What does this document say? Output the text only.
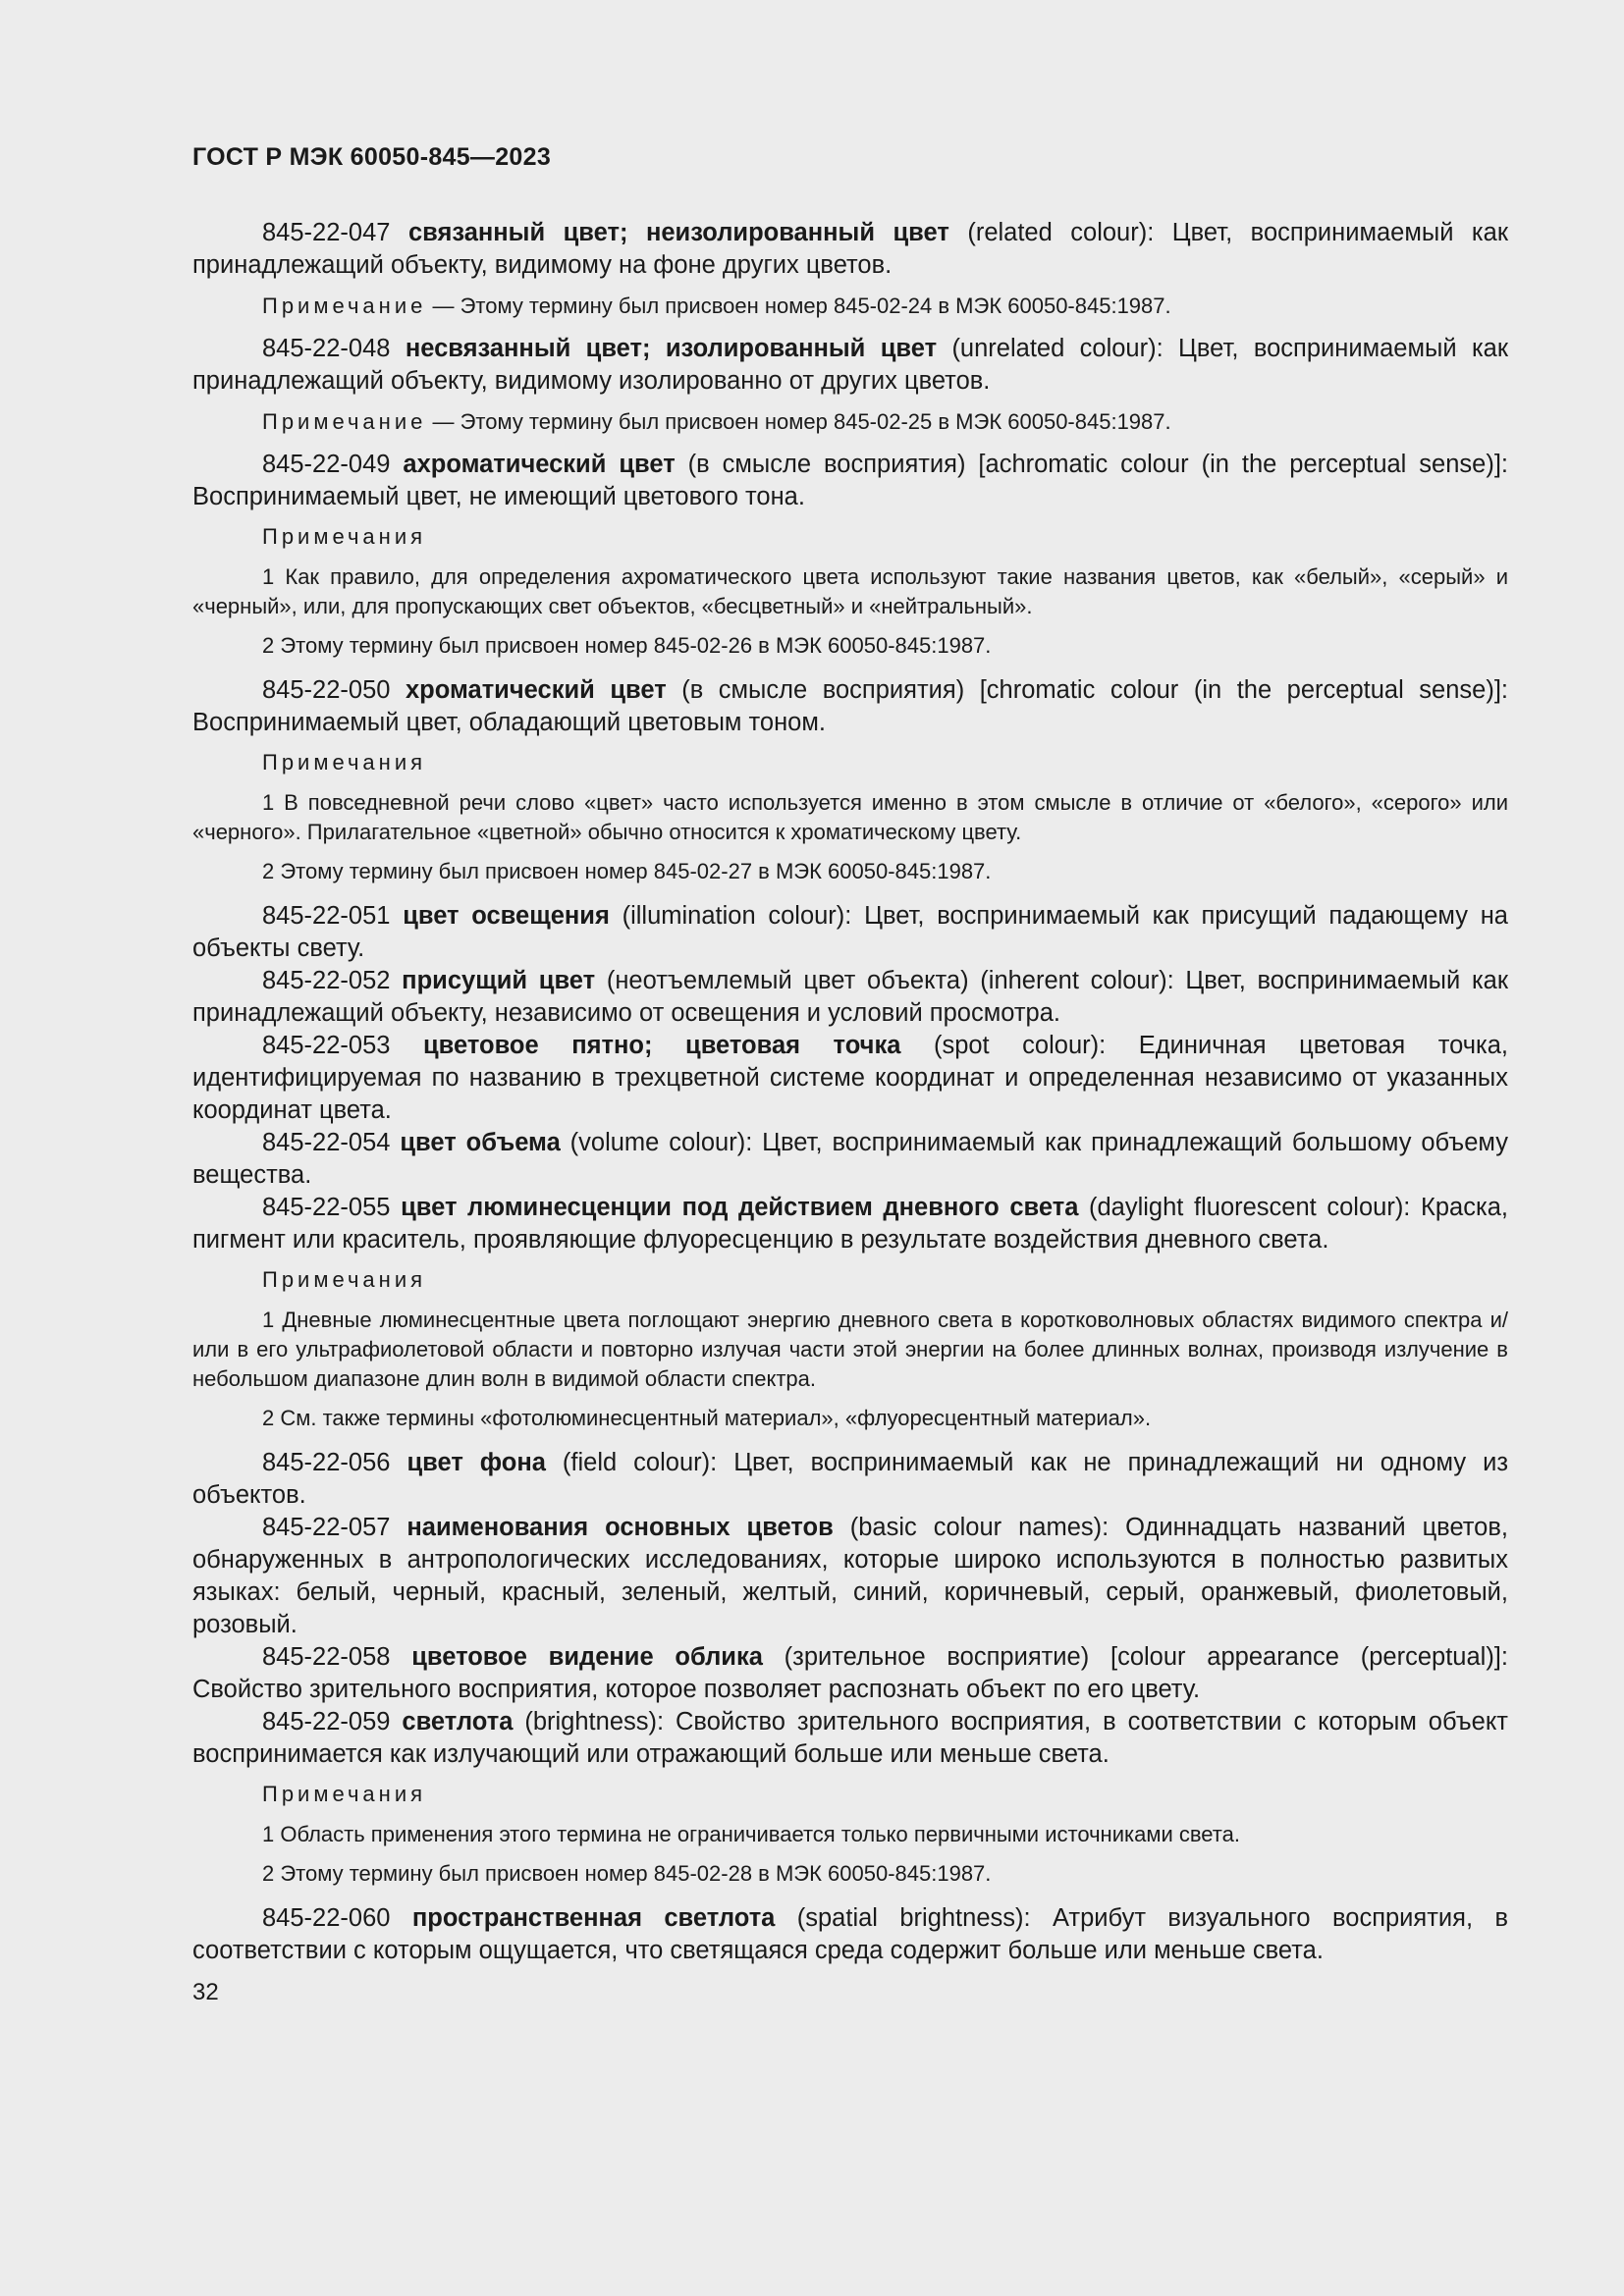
ГОСТ Р МЭК 60050-845—2023

845-22-047 связанный цвет; неизолированный цвет (related colour): Цвет, воспринимаемый как принадлежащий объекту, видимому на фоне других цветов.

Примечание — Этому термину был присвоен номер 845-02-24 в МЭК 60050-845:1987.

845-22-048 несвязанный цвет; изолированный цвет (unrelated colour): Цвет, воспринимаемый как принадлежащий объекту, видимому изолированно от других цветов.

Примечание — Этому термину был присвоен номер 845-02-25 в МЭК 60050-845:1987.

845-22-049 ахроматический цвет (в смысле восприятия) [achromatic colour (in the perceptual sense)]: Воспринимаемый цвет, не имеющий цветового тона.

Примечания

1 Как правило, для определения ахроматического цвета используют такие названия цветов, как «белый», «серый» и «черный», или, для пропускающих свет объектов, «бесцветный» и «нейтральный».

2 Этому термину был присвоен номер 845-02-26 в МЭК 60050-845:1987.

845-22-050 хроматический цвет (в смысле восприятия) [chromatic colour (in the perceptual sense)]: Воспринимаемый цвет, обладающий цветовым тоном.

Примечания

1 В повседневной речи слово «цвет» часто используется именно в этом смысле в отличие от «белого», «серого» или «черного». Прилагательное «цветной» обычно относится к хроматическому цвету.

2 Этому термину был присвоен номер 845-02-27 в МЭК 60050-845:1987.

845-22-051 цвет освещения (illumination colour): Цвет, воспринимаемый как присущий падающему на объекты свету.

845-22-052 присущий цвет (неотъемлемый цвет объекта) (inherent colour): Цвет, воспринимаемый как принадлежащий объекту, независимо от освещения и условий просмотра.

845-22-053 цветовое пятно; цветовая точка (spot colour): Единичная цветовая точка, идентифицируемая по названию в трехцветной системе координат и определенная независимо от указанных координат цвета.

845-22-054 цвет объема (volume colour): Цвет, воспринимаемый как принадлежащий большому объему вещества.

845-22-055 цвет люминесценции под действием дневного света (daylight fluorescent colour): Краска, пигмент или краситель, проявляющие флуоресценцию в результате воздействия дневного света.

Примечания

1 Дневные люминесцентные цвета поглощают энергию дневного света в коротковолновых областях видимого спектра и/или в его ультрафиолетовой области и повторно излучая части этой энергии на более длинных волнах, производя излучение в небольшом диапазоне длин волн в видимой области спектра.

2 См. также термины «фотолюминесцентный материал», «флуоресцентный материал».

845-22-056 цвет фона (field colour): Цвет, воспринимаемый как не принадлежащий ни одному из объектов.

845-22-057 наименования основных цветов (basic colour names): Одиннадцать названий цветов, обнаруженных в антропологических исследованиях, которые широко используются в полностью развитых языках: белый, черный, красный, зеленый, желтый, синий, коричневый, серый, оранжевый, фиолетовый, розовый.

845-22-058 цветовое видение облика (зрительное восприятие) [colour appearance (perceptual)]: Свойство зрительного восприятия, которое позволяет распознать объект по его цвету.

845-22-059 светлота (brightness): Свойство зрительного восприятия, в соответствии с которым объект воспринимается как излучающий или отражающий больше или меньше света.

Примечания

1 Область применения этого термина не ограничивается только первичными источниками света.

2 Этому термину был присвоен номер 845-02-28 в МЭК 60050-845:1987.

845-22-060 пространственная светлота (spatial brightness): Атрибут визуального восприятия, в соответствии с которым ощущается, что светящаяся среда содержит больше или меньше света.

32
